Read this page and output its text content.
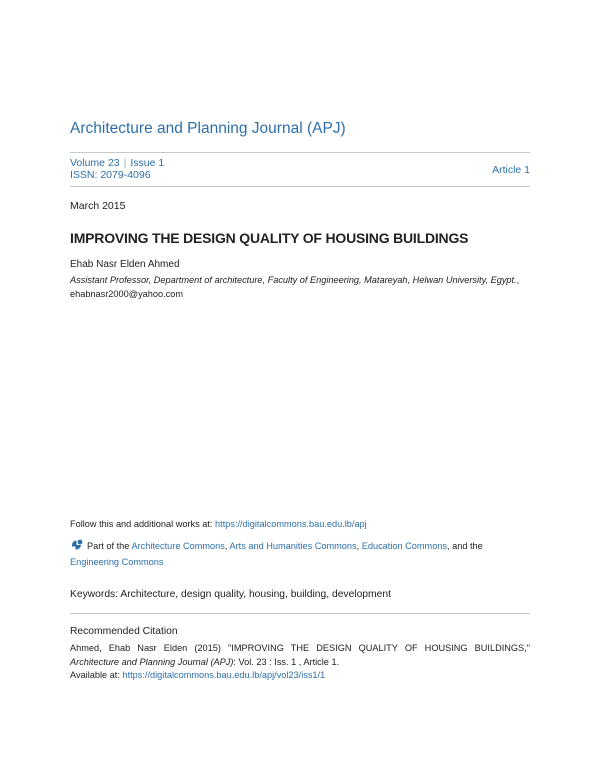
Architecture and Planning Journal (APJ)
Volume 23 | Issue 1
ISSN: 2079-4096	Article 1
March 2015
IMPROVING THE DESIGN QUALITY OF HOUSING BUILDINGS
Ehab Nasr Elden Ahmed
Assistant Professor, Department of architecture, Faculty of Engineering, Matareyah, Helwan University, Egypt., ehabnasr2000@yahoo.com
Follow this and additional works at: https://digitalcommons.bau.edu.lb/apj
Part of the Architecture Commons, Arts and Humanities Commons, Education Commons, and the Engineering Commons
Keywords: Architecture, design quality, housing, building, development
Recommended Citation
Ahmed, Ehab Nasr Elden (2015) "IMPROVING THE DESIGN QUALITY OF HOUSING BUILDINGS," Architecture and Planning Journal (APJ): Vol. 23 : Iss. 1 , Article 1.
Available at: https://digitalcommons.bau.edu.lb/apj/vol23/iss1/1
